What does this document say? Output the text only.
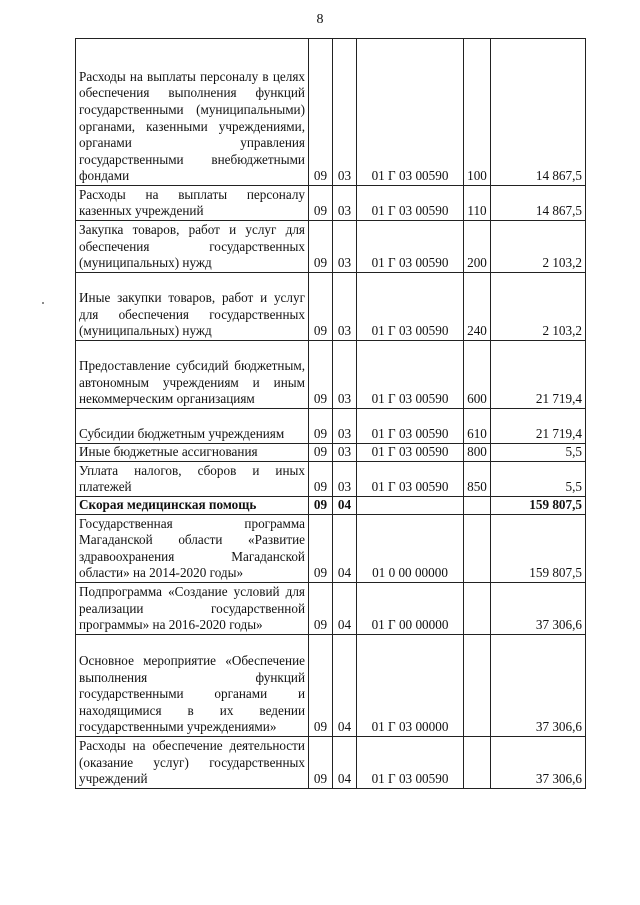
8
Расходы на выплаты персоналу в целях обеспечения выполнения функций государственными (муниципальными) органами, казенными учреждениями, органами управления государственными внебюджетными фондами	09	03	01 Г 03 00590	100	14 867,5
Расходы на выплаты персоналу казенных учреждений	09	03	01 Г 03 00590	110	14 867,5
Закупка товаров, работ и услуг для обеспечения государственных (муниципальных) нужд	09	03	01 Г 03 00590	200	2 103,2
Иные закупки товаров, работ и услуг для обеспечения государственных (муниципальных) нужд	09	03	01 Г 03 00590	240	2 103,2
Предоставление субсидий бюджетным, автономным учреждениям и иным некоммерческим организациям	09	03	01 Г 03 00590	600	21 719,4
Субсидии бюджетным учреждениям	09	03	01 Г 03 00590	610	21 719,4
Иные бюджетные ассигнования	09	03	01 Г 03 00590	800	5,5
Уплата налогов, сборов и иных платежей	09	03	01 Г 03 00590	850	5,5
Скорая медицинская помощь	09	04			159 807,5
Государственная программа Магаданской области «Развитие здравоохранения Магаданской области» на 2014-2020 годы»	09	04	01 0 00 00000		159 807,5
Подпрограмма «Создание условий для реализации государственной программы» на 2016-2020 годы»	09	04	01 Г 00 00000		37 306,6
Основное мероприятие «Обеспечение выполнения функций государственными органами и находящимися в их ведении государственными учреждениями»	09	04	01 Г 03 00000		37 306,6
Расходы на обеспечение деятельности (оказание услуг) государственных учреждений	09	04	01 Г 03 00590		37 306,6
